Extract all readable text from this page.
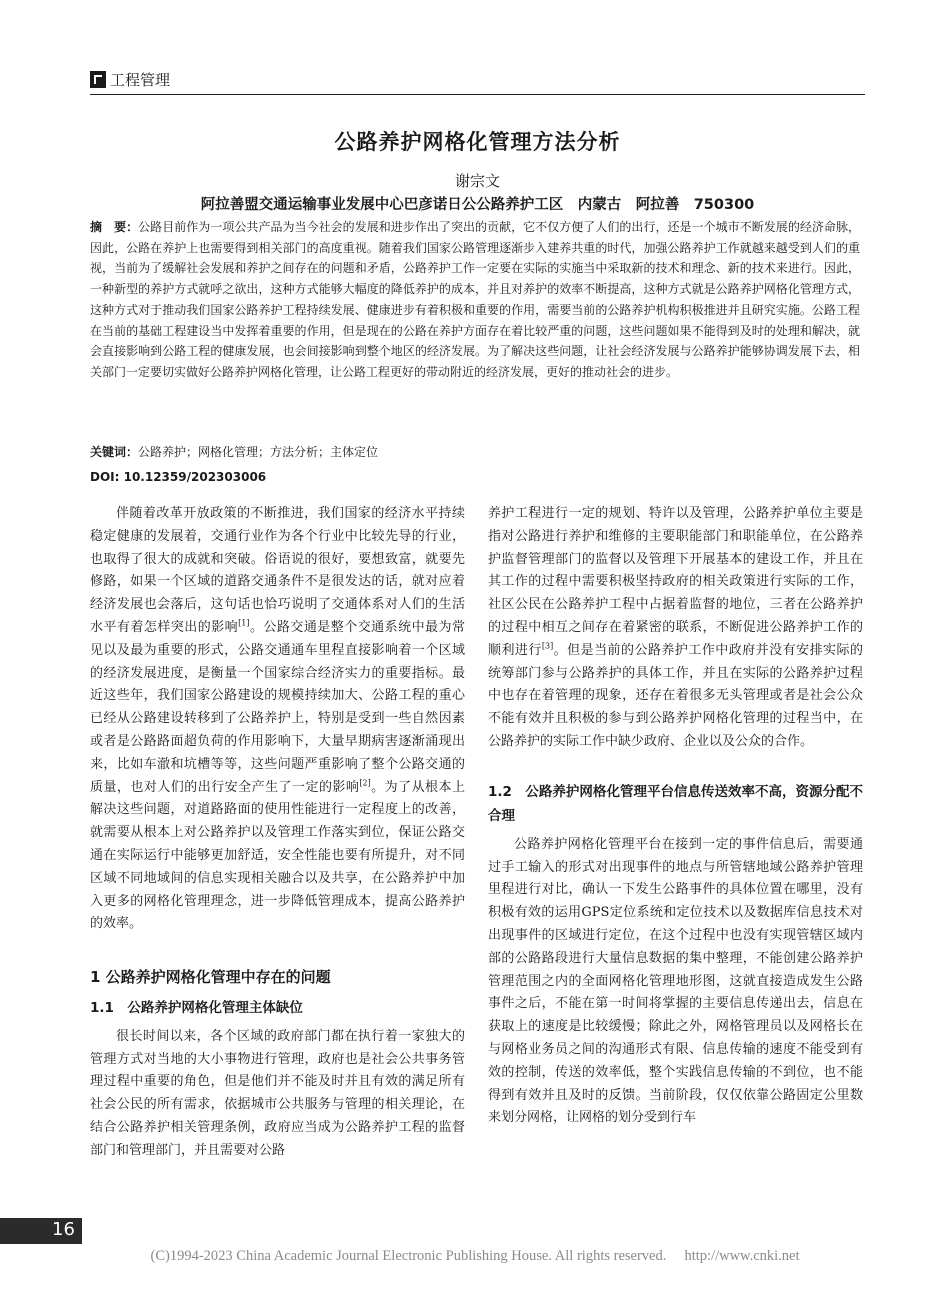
工程管理
公路养护网格化管理方法分析
谢宗文
阿拉善盟交通运输事业发展中心巴彦诺日公公路养护工区　内蒙古　阿拉善　750300
摘　要：公路目前作为一项公共产品为当今社会的发展和进步作出了突出的贡献，它不仅方便了人们的出行，还是一个城市不断发展的经济命脉，因此，公路在养护上也需要得到相关部门的高度重视。随着我们国家公路管理逐渐步入建养共重的时代，加强公路养护工作就越来越受到人们的重视，当前为了缓解社会发展和养护之间存在的问题和矛盾，公路养护工作一定要在实际的实施当中采取新的技术和理念、新的技术来进行。因此，一种新型的养护方式就呼之欲出，这种方式能够大幅度的降低养护的成本，并且对养护的效率不断提高，这种方式就是公路养护网格化管理方式，这种方式对于推动我们国家公路养护工程持续发展、健康进步有着积极和重要的作用，需要当前的公路养护机构积极推进并且研究实施。公路工程在当前的基础工程建设当中发挥着重要的作用，但是现在的公路在养护方面存在着比较严重的问题，这些问题如果不能得到及时的处理和解决，就会直接影响到公路工程的健康发展，也会间接影响到整个地区的经济发展。为了解决这些问题，让社会经济发展与公路养护能够协调发展下去，相关部门一定要切实做好公路养护网格化管理，让公路工程更好的带动附近的经济发展，更好的推动社会的进步。
关键词：公路养护；网格化管理；方法分析；主体定位
DOI: 10.12359/202303006

伴随着改革开放政策的不断推进，我们国家的经济水平持续稳定健康的发展着，交通行业作为各个行业中比较先导的行业，也取得了很大的成就和突破。俗语说的很好，要想致富，就要先修路，如果一个区域的道路交通条件不是很发达的话，就对应着经济发展也会落后，这句话也恰巧说明了交通体系对人们的生活水平有着怎样突出的影响[1]。公路交通是整个交通系统中最为常见以及最为重要的形式，公路交通通车里程直接影响着一个区域的经济发展进度，是衡量一个国家综合经济实力的重要指标。最近这些年，我们国家公路建设的规模持续加大、公路工程的重心已经从公路建设转移到了公路养护上，特别是受到一些自然因素或者是公路路面超负荷的作用影响下，大量早期病害逐渐涌现出来，比如车澈和坑槽等等，这些问题严重影响了整个公路交通的质量，也对人们的出行安全产生了一定的影响[2]。为了从根本上解决这些问题，对道路路面的使用性能进行一定程度上的改善，就需要从根本上对公路养护以及管理工作落实到位，保证公路交通在实际运行中能够更加舒适，安全性能也要有所提升，对不同区域不同地域间的信息实现相关融合以及共享，在公路养护中加入更多的网格化管理理念，进一步降低管理成本，提高公路养护的效率。

1 公路养护网格化管理中存在的问题
1.1　公路养护网格化管理主体缺位

很长时间以来，各个区域的政府部门都在执行着一家独大的管理方式对当地的大小事物进行管理，政府也是社会公共事务管理过程中重要的角色，但是他们并不能及时并且有效的满足所有社会公民的所有需求，依据城市公共服务与管理的相关理论，在结合公路养护相关管理条例，政府应当成为公路养护工程的监督部门和管理部门，并且需要对公路

养护工程进行一定的规划、特许以及管理，公路养护单位主要是指对公路进行养护和维修的主要职能部门和职能单位，在公路养护监督管理部门的监督以及管理下开展基本的建设工作，并且在其工作的过程中需要积极坚持政府的相关政策进行实际的工作，社区公民在公路养护工程中占据着监督的地位，三者在公路养护的过程中相互之间存在着紧密的联系，不断促进公路养护工作的顺利进行[3]。但是当前的公路养护工作中政府并没有安排实际的统筹部门参与公路养护的具体工作，并且在实际的公路养护过程中也存在着管理的现象，还存在着很多无头管理或者是社会公众不能有效并且积极的参与到公路养护网格化管理的过程当中，在公路养护的实际工作中缺少政府、企业以及公众的合作。

1.2　公路养护网格化管理平台信息传送效率不高，资源分配不合理

公路养护网格化管理平台在接到一定的事件信息后，需要通过手工输入的形式对出现事件的地点与所管辖地域公路养护管理里程进行对比，确认一下发生公路事件的具体位置在哪里，没有积极有效的运用GPS定位系统和定位技术以及数据库信息技术对出现事件的区域进行定位，在这个过程中也没有实现管辖区域内部的公路路段进行大量信息数据的集中整理，不能创建公路养护管理范围之内的全面网格化管理地形图，这就直接造成发生公路事件之后，不能在第一时间将掌握的主要信息传递出去，信息在获取上的速度是比较缓慢；除此之外，网格管理员以及网格长在与网格业务员之间的沟通形式有限、信息传输的速度不能受到有效的控制，传送的效率低，整个实践信息传输的不到位，也不能得到有效并且及时的反馈。当前阶段，仅仅依靠公路固定公里数来划分网格，让网格的划分受到行车

16
(C)1994-2023 China Academic Journal Electronic Publishing House. All rights reserved.　 http://www.cnki.net
